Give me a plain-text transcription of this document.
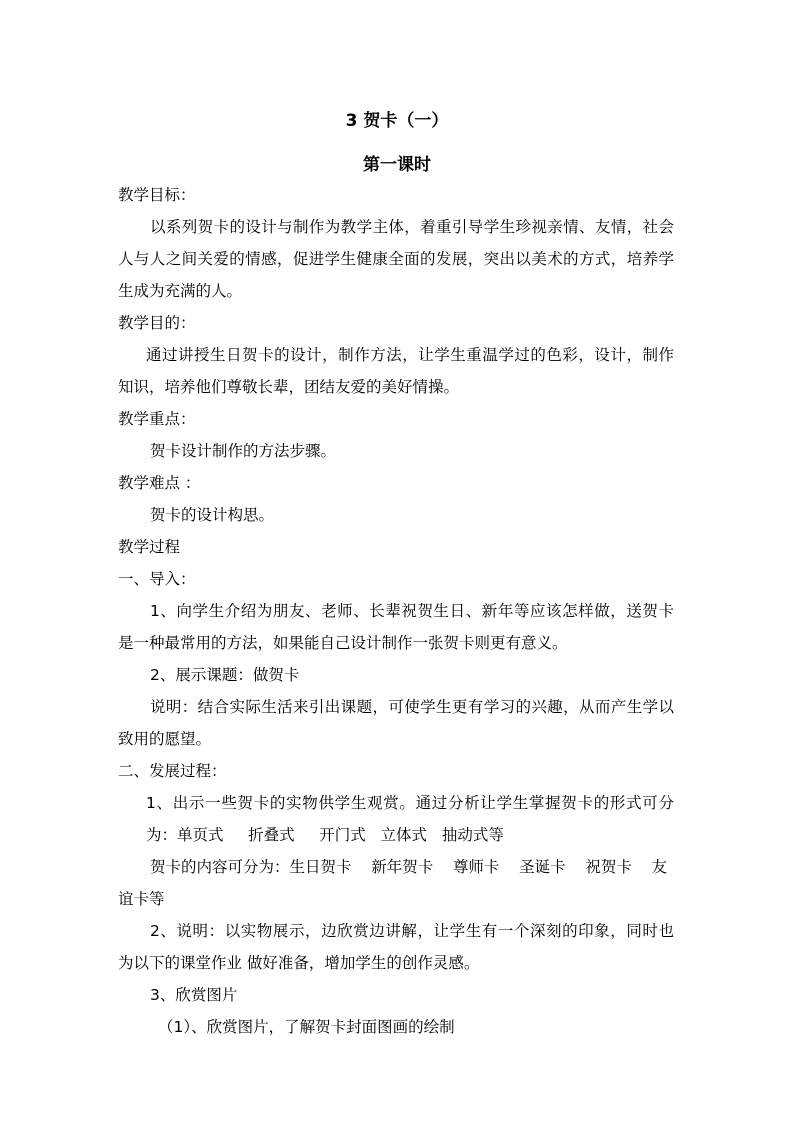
3 贺卡（一）
第一课时
教学目标：
以系列贺卡的设计与制作为教学主体，着重引导学生珍视亲情、友情，社会
人与人之间关爱的情感，促进学生健康全面的发展，突出以美术的方式，培养学
生成为充满的人。
教学目的：
通过讲授生日贺卡的设计，制作方法，让学生重温学过的色彩，设计，制作
知识，培养他们尊敬长辈，团结友爱的美好情操。
教学重点：
贺卡设计制作的方法步骤。
教学难点 ：
贺卡的设计构思。
教学过程
一、导入：
1、向学生介绍为朋友、老师、长辈祝贺生日、新年等应该怎样做，送贺卡
是一种最常用的方法，如果能自己设计制作一张贺卡则更有意义。
2、展示课题：做贺卡
说明：结合实际生活来引出课题，可使学生更有学习的兴趣，从而产生学以
致用的愿望。
二、发展过程：
1、出示一些贺卡的实物供学生观赏。通过分析让学生掌握贺卡的形式可分
为：单页式     折叠式     开门式   立体式   抽动式等
贺卡的内容可分为：生日贺卡    新年贺卡    尊师卡    圣诞卡    祝贺卡    友
谊卡等
2、说明：以实物展示，边欣赏边讲解，让学生有一个深刻的印象，同时也
为以下的课堂作业 做好准备，增加学生的创作灵感。
3、欣赏图片
（1）、欣赏图片，了解贺卡封面图画的绘制
